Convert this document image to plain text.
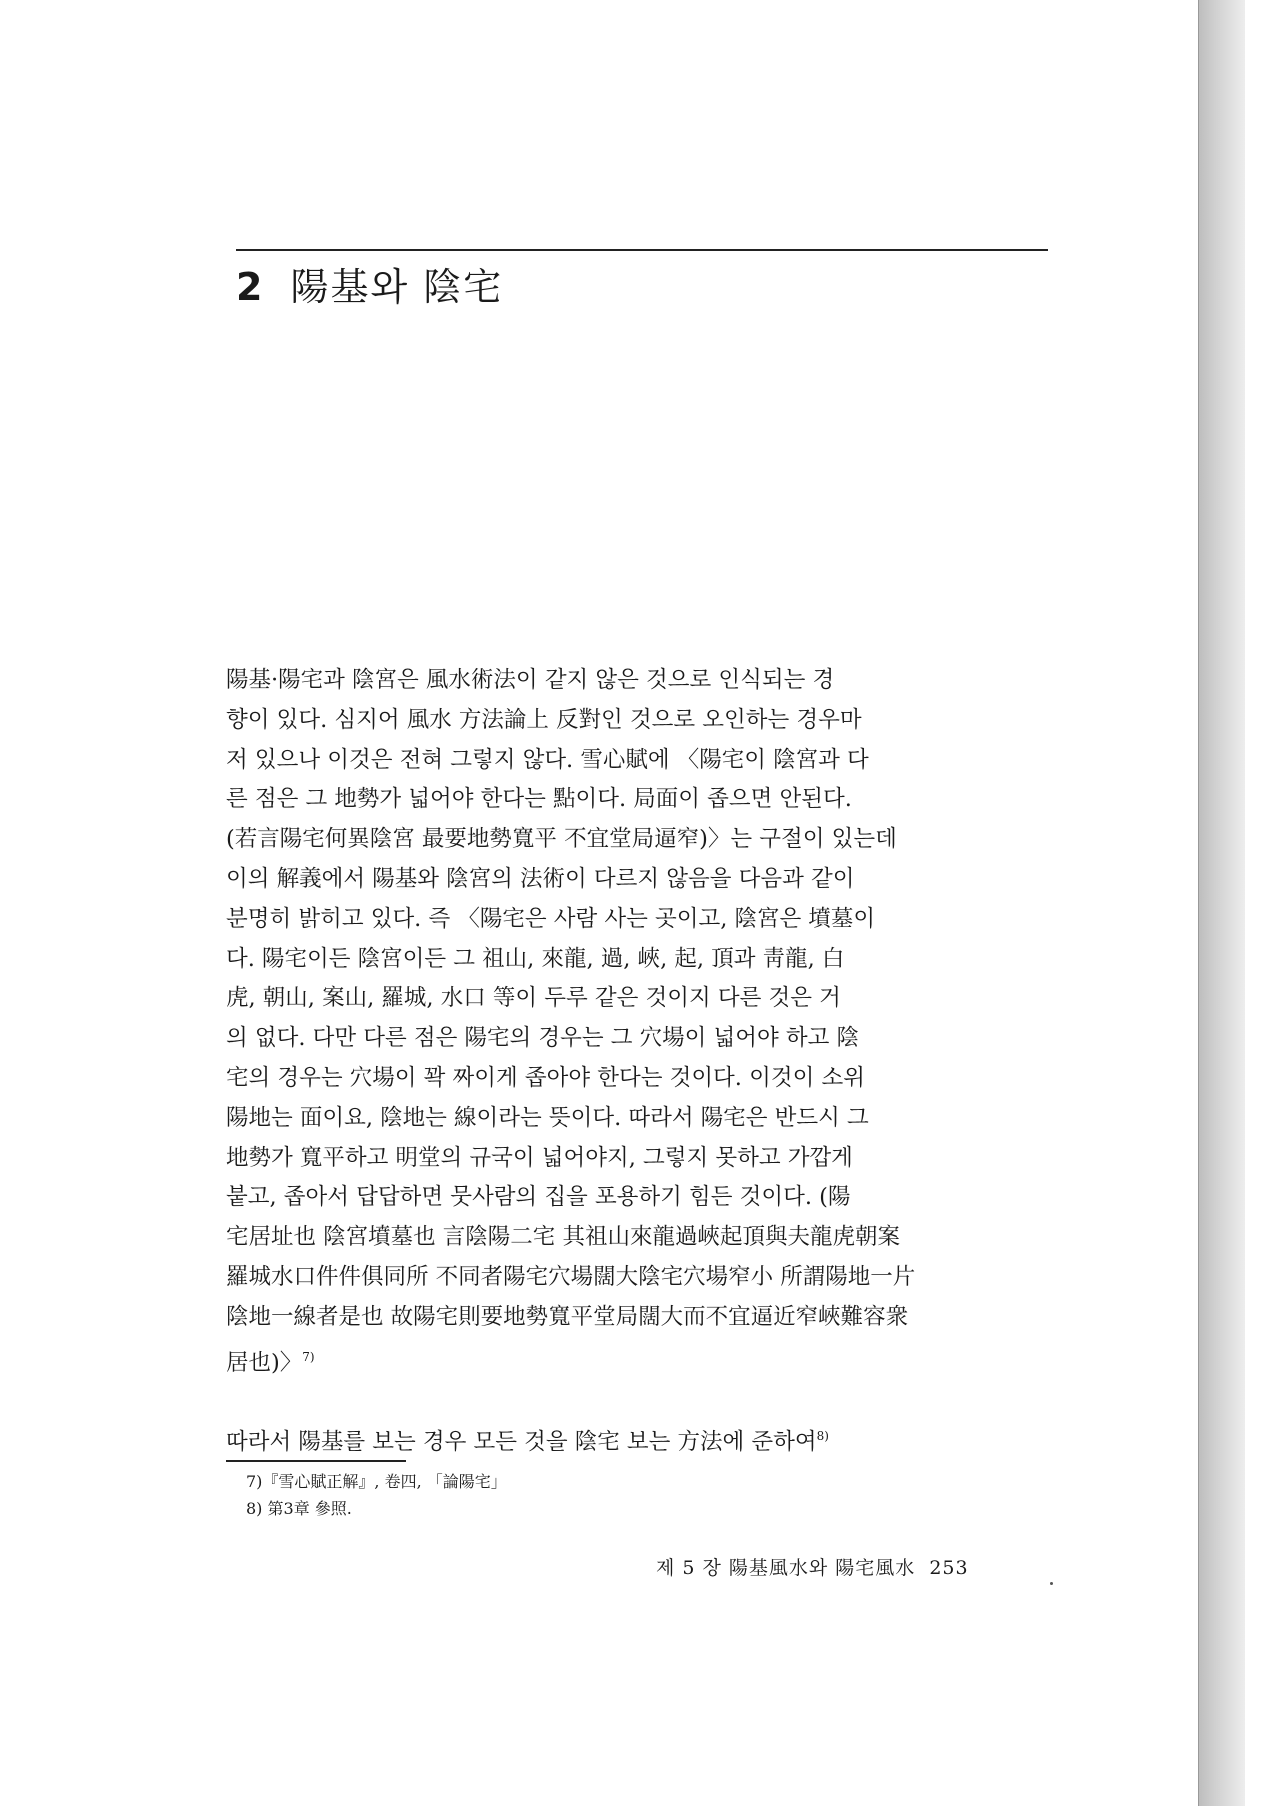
2 陽基와 陰宅

陽基·陽宅과 陰宮은 風水術法이 같지 않은 것으로 인식되는 경
향이 있다. 심지어 風水 方法論上 反對인 것으로 오인하는 경우마
저 있으나 이것은 전혀 그렇지 않다. 雪心賦에 〈陽宅이 陰宮과 다
른 점은 그 地勢가 넓어야 한다는 點이다. 局面이 좁으면 안된다.
(若言陽宅何異陰宮 最要地勢寬平 不宜堂局逼窄)〉는 구절이 있는데
이의 解義에서 陽基와 陰宮의 法術이 다르지 않음을 다음과 같이
분명히 밝히고 있다. 즉 〈陽宅은 사람 사는 곳이고, 陰宮은 墳墓이
다. 陽宅이든 陰宮이든 그 祖山, 來龍, 過, 峽, 起, 頂과 靑龍, 白
虎, 朝山, 案山, 羅城, 水口 等이 두루 같은 것이지 다른 것은 거
의 없다. 다만 다른 점은 陽宅의 경우는 그 穴場이 넓어야 하고 陰
宅의 경우는 穴場이 꽉 짜이게 좁아야 한다는 것이다. 이것이 소위
陽地는 面이요, 陰地는 線이라는 뜻이다. 따라서 陽宅은 반드시 그
地勢가 寬平하고 明堂의 규국이 넓어야지, 그렇지 못하고 가깝게
붙고, 좁아서 답답하면 뭇사람의 집을 포용하기 힘든 것이다. (陽
宅居址也 陰宮墳墓也 言陰陽二宅 其祖山來龍過峽起頂與夫龍虎朝案
羅城水口件件俱同所 不同者陽宅穴場闊大陰宅穴場窄小 所謂陽地一片
陰地一線者是也 故陽宅則要地勢寬平堂局闊大而不宜逼近窄峽難容衆
居也)〉$^{7)}$

따라서 陽基를 보는 경우 모든 것을 陰宅 보는 方法에 준하여$^{8)}$

7)『雪心賦正解』, 卷四, 「論陽宅」
8) 第3章 參照.
제 5 장 陽基風水와 陽宅風水 253
